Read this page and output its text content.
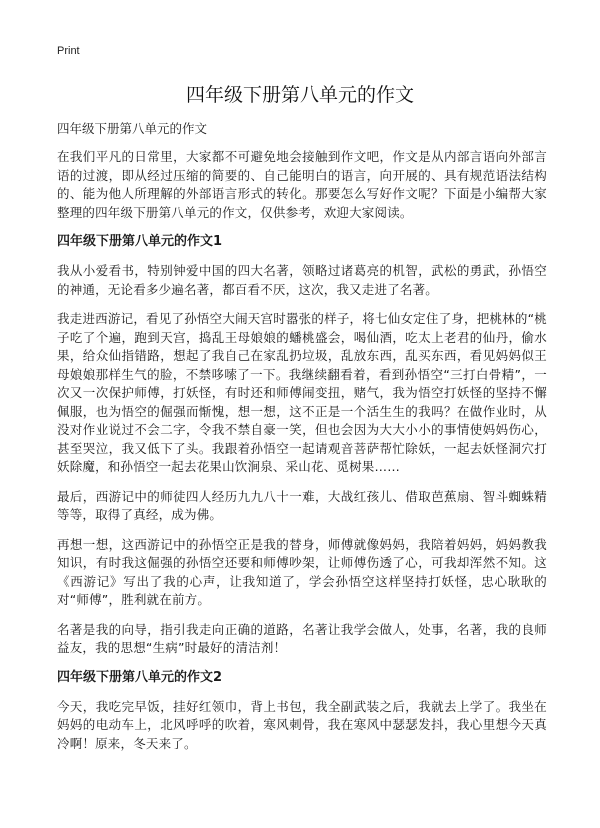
Print
四年级下册第八单元的作文

四年级下册第八单元的作文

在我们平凡的日常里，大家都不可避免地会接触到作文吧，作文是从内部言语向外部言语的过渡，即从经过压缩的简要的、自己能明白的语言，向开展的、具有规范语法结构的、能为他人所理解的外部语言形式的转化。那要怎么写好作文呢？下面是小编帮大家整理的四年级下册第八单元的作文，仅供参考，欢迎大家阅读。

四年级下册第八单元的作文1

我从小爱看书，特别钟爱中国的四大名著，领略过诸葛亮的机智，武松的勇武，孙悟空的神通，无论看多少遍名著，都百看不厌，这次，我又走进了名著。

我走进西游记，看见了孙悟空大闹天宫时嚣张的样子，将七仙女定住了身，把桃林的“桃子吃了个遍，跑到天宫，捣乱王母娘娘的蟠桃盛会，喝仙酒，吃太上老君的仙丹，偷水果，给众仙指错路，想起了我自己在家乱扔垃圾，乱放东西，乱买东西，看见妈妈似王母娘娘那样生气的脸，不禁哆嗦了一下。我继续翻看着，看到孙悟空“三打白骨精”，一次又一次保护师傅，打妖怪，有时还和师傅闹变扭，赌气，我为悟空打妖怪的坚持不懈佩服，也为悟空的倔强而惭愧，想一想，这不正是一个活生生的我吗？在做作业时，从没对作业说过不会二字，令我不禁自豪一笑，但也会因为大大小小的事情使妈妈伤心，甚至哭泣，我又低下了头。我跟着孙悟空一起请观音菩萨帮忙除妖，一起去妖怪洞穴打妖除魔，和孙悟空一起去花果山饮涧泉、采山花、觅树果……

最后，西游记中的师徒四人经历九九八十一难，大战红孩儿、借取芭蕉扇、智斗蜘蛛精等等，取得了真经，成为佛。

再想一想，这西游记中的孙悟空正是我的替身，师傅就像妈妈，我陪着妈妈，妈妈教我知识，有时我这倔强的孙悟空还要和师傅吵架，让师傅伤透了心，可我却浑然不知。这《西游记》写出了我的心声，让我知道了，学会孙悟空这样坚持打妖怪，忠心耿耿的对“师傅”，胜利就在前方。

名著是我的向导，指引我走向正确的道路，名著让我学会做人，处事，名著，我的良师益友，我的思想“生病”时最好的清洁剂！

四年级下册第八单元的作文2

今天，我吃完早饭，挂好红领巾，背上书包，我全副武装之后，我就去上学了。我坐在妈妈的电动车上，北风呼呼的吹着，寒风刺骨，我在寒风中瑟瑟发抖，我心里想今天真冷啊！原来，冬天来了。
